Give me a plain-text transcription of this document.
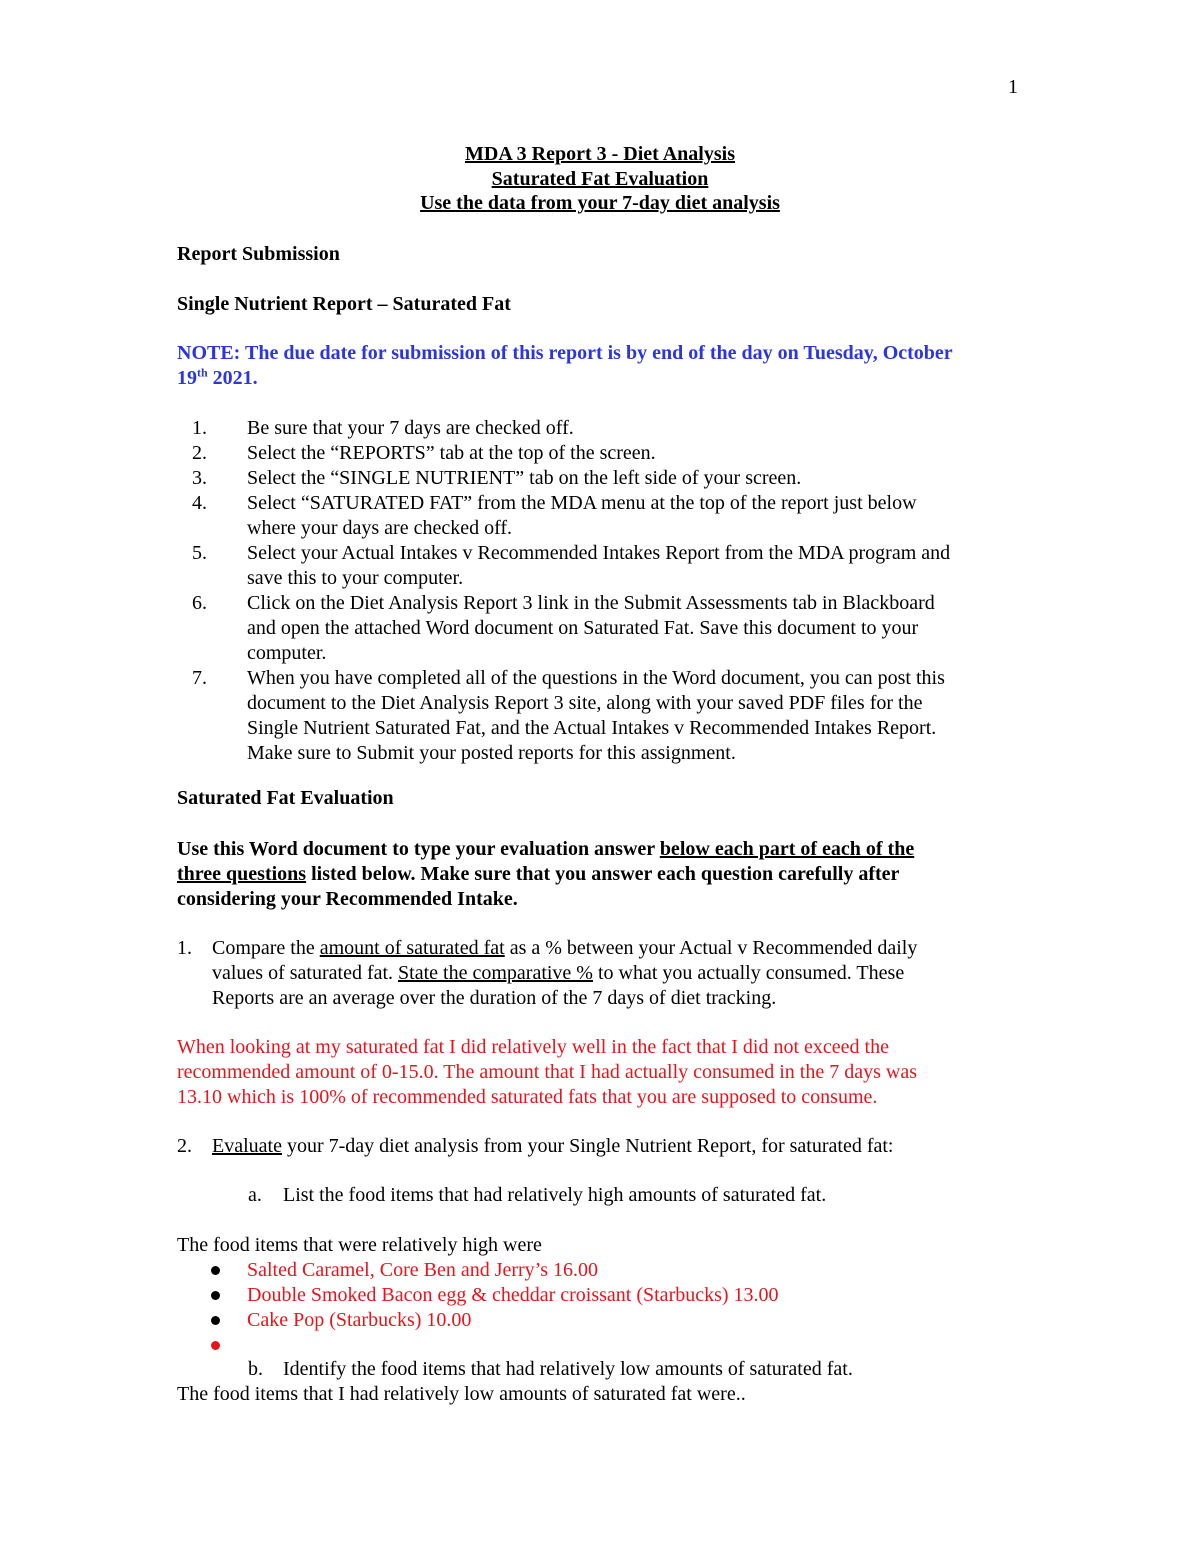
1
MDA 3 Report 3 - Diet Analysis
Saturated Fat Evaluation
Use the data from your 7-day diet analysis
Report Submission
Single Nutrient Report – Saturated Fat
NOTE: The due date for submission of this report is by end of the day on Tuesday, October
19th 2021.
1.	Be sure that your 7 days are checked off.
2.	Select the “REPORTS” tab at the top of the screen.
3.	Select the “SINGLE NUTRIENT” tab on the left side of your screen.
4.	Select “SATURATED FAT” from the MDA menu at the top of the report just below
where your days are checked off.
5.	Select your Actual Intakes v Recommended Intakes Report from the MDA program and
save this to your computer.
6.	Click on the Diet Analysis Report 3 link in the Submit Assessments tab in Blackboard
and open the attached Word document on Saturated Fat. Save this document to your
computer.
7.	When you have completed all of the questions in the Word document, you can post this
document to the Diet Analysis Report 3 site, along with your saved PDF files for the
Single Nutrient Saturated Fat, and the Actual Intakes v Recommended Intakes Report.
Make sure to Submit your posted reports for this assignment.
Saturated Fat Evaluation
Use this Word document to type your evaluation answer below each part of each of the
three questions listed below. Make sure that you answer each question carefully after
considering your Recommended Intake.
1. Compare the amount of saturated fat as a % between your Actual v Recommended daily
values of saturated fat. State the comparative % to what you actually consumed. These
Reports are an average over the duration of the 7 days of diet tracking.
When looking at my saturated fat I did relatively well in the fact that I did not exceed the
recommended amount of 0-15.0. The amount that I had actually consumed in the 7 days was
13.10 which is 100% of recommended saturated fats that you are supposed to consume.
2. Evaluate your 7-day diet analysis from your Single Nutrient Report, for saturated fat:
a. List the food items that had relatively high amounts of saturated fat.
The food items that were relatively high were
Salted Caramel, Core Ben and Jerry’s 16.00
Double Smoked Bacon egg & cheddar croissant (Starbucks) 13.00
Cake Pop (Starbucks) 10.00
b. Identify the food items that had relatively low amounts of saturated fat.
The food items that I had relatively low amounts of saturated fat were..
